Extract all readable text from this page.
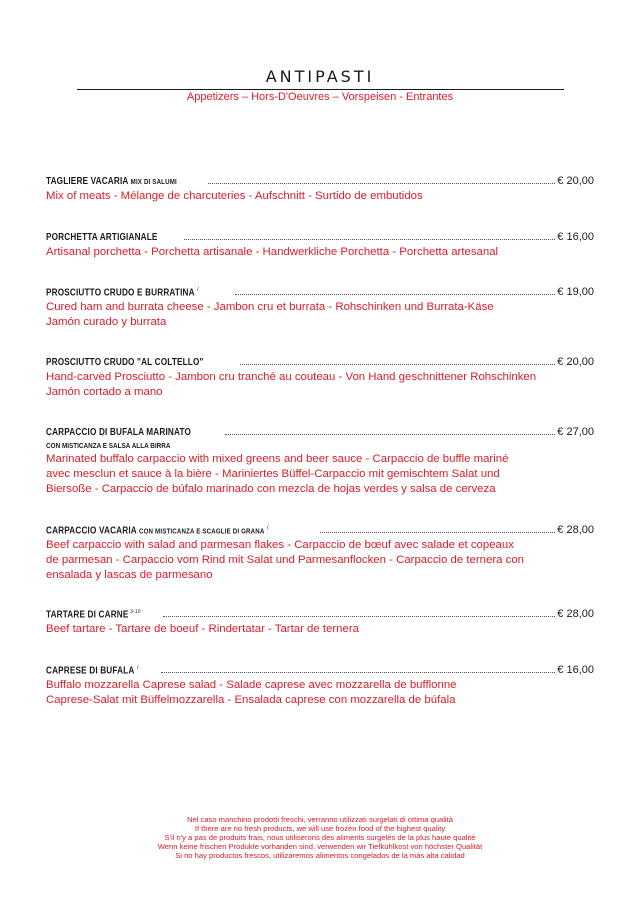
ANTIPASTI
Appetizers – Hors-D'Oeuvres – Vorspeisen - Entrantes
TAGLIERE VACARIA MIX DI SALUMI	€ 20,00
Mix of meats - Mélange de charcuteries - Aufschnitt - Surtido de embutidos
PORCHETTA ARTIGIANALE	€ 16,00
Artisanal porchetta - Porchetta artisanale - Handwerkliche Porchetta - Porchetta artesanal
PROSCIUTTO CRUDO E BURRATINA $^7$	€ 19,00
Cured ham and burrata cheese - Jambon cru et burrata - Rohschinken und Burrata-Käse
Jamón curado y burrata
PROSCIUTTO CRUDO "AL COLTELLO"	€ 20,00
Hand-carved Prosciutto - Jambon cru tranché au couteau - Von Hand geschnittener Rohschinken
Jamón cortado a mano
CARPACCIO DI BUFALA MARINATO	€ 27,00
CON MISTICANZA E SALSA ALLA BIRRA
Marinated buffalo carpaccio with mixed greens and beer sauce - Carpaccio de buffle mariné
avec mesclun et sauce à la bière - Mariniertes Büffel-Carpaccio mit gemischtem Salat und
Biersoße - Carpaccio de búfalo marinado con mezcla de hojas verdes y salsa de cerveza
CARPACCIO VACARIA CON MISTICANZA E SCAGLIE DI GRANA $^7$	€ 28,00
Beef carpaccio with salad and parmesan flakes - Carpaccio de bœuf avec salade et copeaux
de parmesan - Carpaccio vom Rind mit Salat und Parmesanflocken - Carpaccio de ternera con
ensalada y lascas de parmesano
TARTARE DI CARNE $^{3-10}$	€ 28,00
Beef tartare - Tartare de boeuf - Rindertatar - Tartar de ternera
CAPRESE DI BUFALA $^7$	€ 16,00
Buffalo mozzarella Caprese salad - Salade caprese avec mozzarella de bufflonne
Caprese-Salat mit Büffelmozzarella - Ensalada caprese con mozzarella de búfala
Nel caso manchino prodotti freschi, verranno utilizzati surgelati di ottima qualità
If there are no fresh products, we will use frozen food of the highest quality
S'il n'y a pas de produits frais, nous utiliserons des aliments surgelés de la plus haute qualité
Wenn keine frischen Produkte vorhanden sind, verwenden wir Tiefkühlkost von höchster Qualität
Si no hay productos frescos, utilizaremos alimentos congelados de la más alta calidad
